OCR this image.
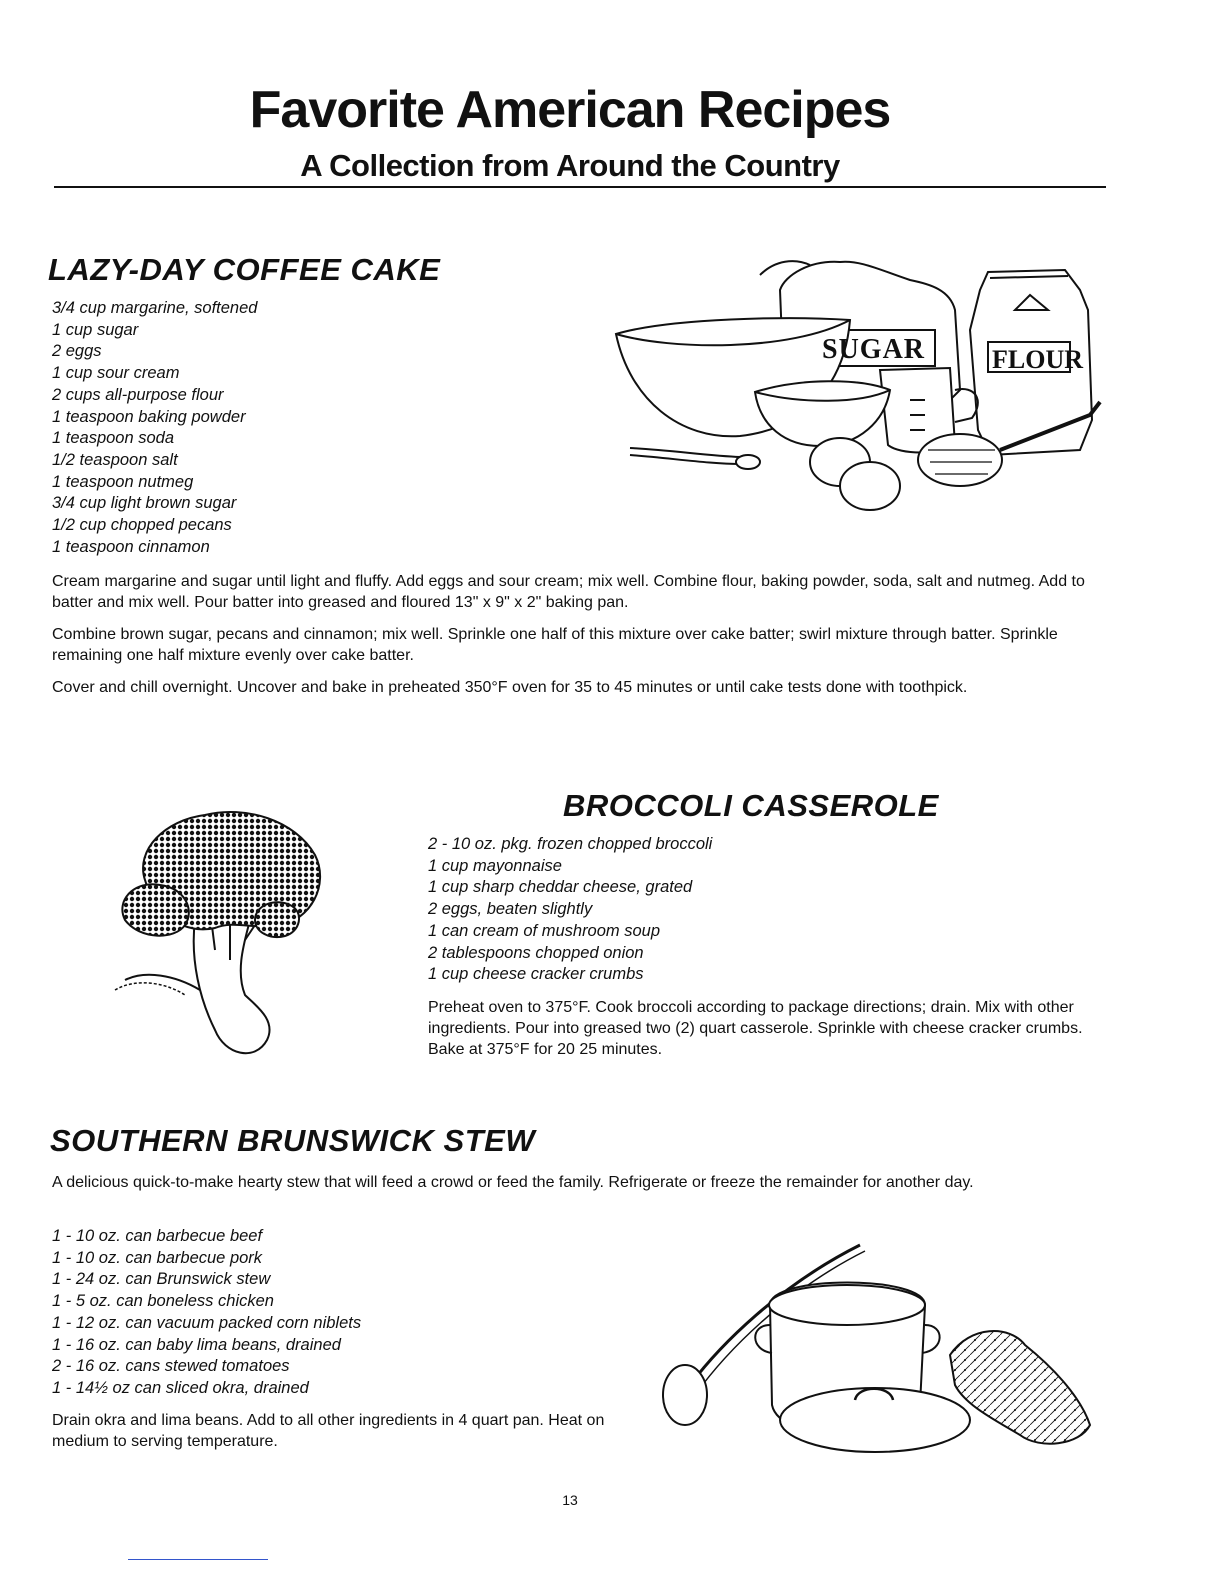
Favorite American Recipes
A Collection from Around the Country
LAZY-DAY COFFEE CAKE
3/4 cup margarine, softened
1 cup sugar
2 eggs
1 cup sour cream
2 cups all-purpose flour
1 teaspoon baking powder
1 teaspoon soda
1/2 teaspoon salt
1 teaspoon nutmeg
3/4 cup light brown sugar
1/2 cup chopped pecans
1 teaspoon cinnamon
SUGAR	FLOUR

Cream margarine and sugar until light and fluffy. Add eggs and sour cream; mix well. Combine flour, baking powder, soda, salt and nutmeg. Add to batter and mix well. Pour batter into greased and floured 13" x 9" x 2" baking pan.

Combine brown sugar, pecans and cinnamon; mix well. Sprinkle one half of this mixture over cake batter; swirl mixture through batter. Sprinkle remaining one half mixture evenly over cake batter.

Cover and chill overnight. Uncover and bake in preheated 350°F oven for 35 to 45 minutes or until cake tests done with toothpick.

BROCCOLI CASSEROLE
2 - 10 oz. pkg. frozen chopped broccoli
1 cup mayonnaise
1 cup sharp cheddar cheese, grated
2 eggs, beaten slightly
1 can cream of mushroom soup
2 tablespoons chopped onion
1 cup cheese cracker crumbs

Preheat oven to 375°F. Cook broccoli according to package directions; drain. Mix with other ingredients. Pour into greased two (2) quart casserole. Sprinkle with cheese cracker crumbs. Bake at 375°F for 20 25 minutes.

SOUTHERN BRUNSWICK STEW

A delicious quick-to-make hearty stew that will feed a crowd or feed the family. Refrigerate or freeze the remainder for another day.

1 - 10 oz. can barbecue beef
1 - 10 oz. can barbecue pork
1 - 24 oz. can Brunswick stew
1 - 5 oz. can boneless chicken
1 - 12 oz. can vacuum packed corn niblets
1 - 16 oz. can baby lima beans, drained
2 - 16 oz. cans stewed tomatoes
1 - 14½ oz can sliced okra, drained

Drain okra and lima beans. Add to all other ingredients in 4 quart pan. Heat on medium to serving temperature.

13
